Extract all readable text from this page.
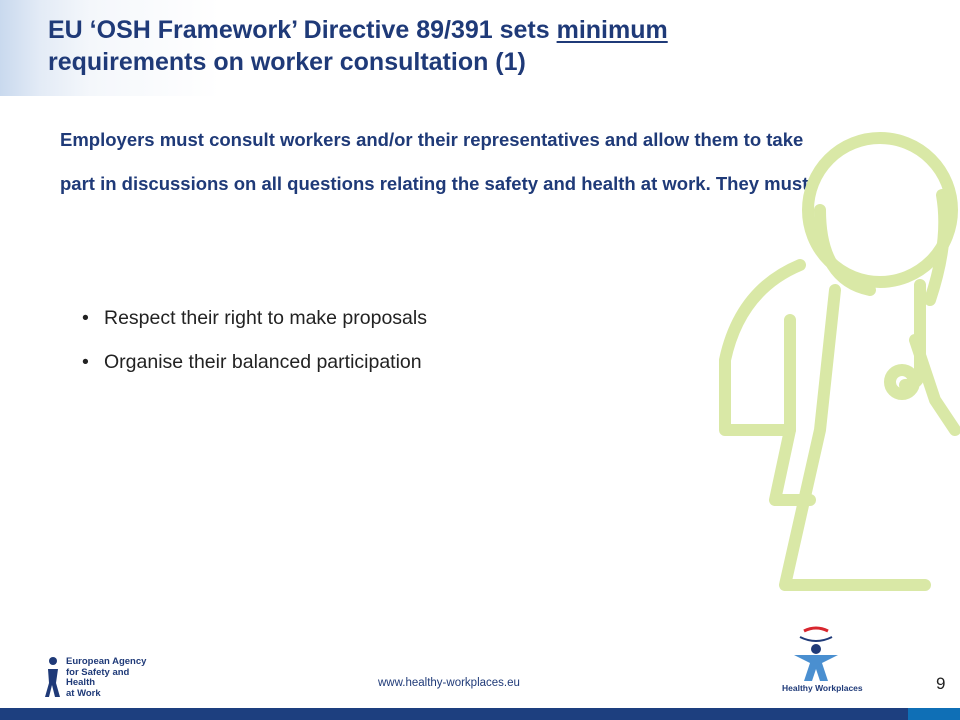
EU ‘OSH Framework’ Directive 89/391 sets minimum requirements on worker consultation (1)

Employers must consult workers and/or their representatives and allow them to take part in discussions on all questions relating the safety and health at work. They must:

• Respect their right to make proposals
• Organise their balanced participation
European Agency
for Safety and Health
at Work
www.healthy-workplaces.eu	Healthy Workplaces	9
